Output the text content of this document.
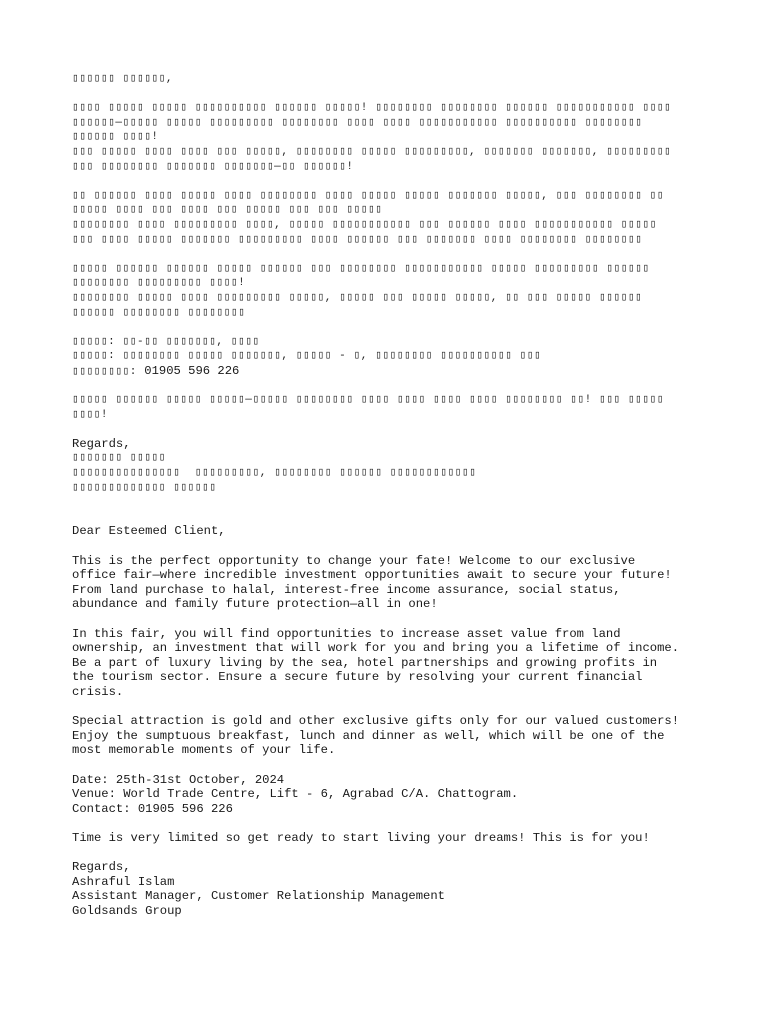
▯▯▯▯▯▯ ▯▯▯▯▯▯,
▯▯▯▯ ▯▯▯▯▯ ▯▯▯▯▯ ▯▯▯▯▯▯▯▯▯▯ ▯▯▯▯▯▯ ▯▯▯▯▯! ▯▯▯▯▯▯▯▯ ▯▯▯▯▯▯▯▯ ▯▯▯▯▯▯ ▯▯▯▯▯▯▯▯▯▯▯ ▯▯▯▯
▯▯▯▯▯▯—▯▯▯▯▯ ▯▯▯▯▯ ▯▯▯▯▯▯▯▯▯ ▯▯▯▯▯▯▯▯ ▯▯▯▯ ▯▯▯▯ ▯▯▯▯▯▯▯▯▯▯▯ ▯▯▯▯▯▯▯▯▯▯ ▯▯▯▯▯▯▯▯
▯▯▯▯▯▯ ▯▯▯▯!
▯▯▯ ▯▯▯▯▯ ▯▯▯▯ ▯▯▯▯ ▯▯▯ ▯▯▯▯▯, ▯▯▯▯▯▯▯▯ ▯▯▯▯▯ ▯▯▯▯▯▯▯▯▯, ▯▯▯▯▯▯▯ ▯▯▯▯▯▯▯, ▯▯▯▯▯▯▯▯▯
▯▯▯ ▯▯▯▯▯▯▯▯ ▯▯▯▯▯▯▯ ▯▯▯▯▯▯▯—▯▯ ▯▯▯▯▯▯!
▯▯ ▯▯▯▯▯▯ ▯▯▯▯ ▯▯▯▯▯ ▯▯▯▯ ▯▯▯▯▯▯▯▯ ▯▯▯▯ ▯▯▯▯▯ ▯▯▯▯▯ ▯▯▯▯▯▯▯ ▯▯▯▯▯, ▯▯▯ ▯▯▯▯▯▯▯▯ ▯▯
▯▯▯▯▯ ▯▯▯▯ ▯▯▯ ▯▯▯▯ ▯▯▯ ▯▯▯▯▯ ▯▯▯ ▯▯▯ ▯▯▯▯▯
▯▯▯▯▯▯▯▯ ▯▯▯▯ ▯▯▯▯▯▯▯▯▯ ▯▯▯▯, ▯▯▯▯▯ ▯▯▯▯▯▯▯▯▯▯▯ ▯▯▯ ▯▯▯▯▯▯ ▯▯▯▯ ▯▯▯▯▯▯▯▯▯▯▯ ▯▯▯▯▯
▯▯▯ ▯▯▯▯ ▯▯▯▯▯ ▯▯▯▯▯▯▯ ▯▯▯▯▯▯▯▯▯ ▯▯▯▯ ▯▯▯▯▯▯ ▯▯▯ ▯▯▯▯▯▯▯ ▯▯▯▯ ▯▯▯▯▯▯▯▯ ▯▯▯▯▯▯▯▯
▯▯▯▯▯ ▯▯▯▯▯▯ ▯▯▯▯▯▯ ▯▯▯▯▯ ▯▯▯▯▯▯ ▯▯▯ ▯▯▯▯▯▯▯▯ ▯▯▯▯▯▯▯▯▯▯▯ ▯▯▯▯▯ ▯▯▯▯▯▯▯▯▯ ▯▯▯▯▯▯
▯▯▯▯▯▯▯▯ ▯▯▯▯▯▯▯▯▯ ▯▯▯▯!
▯▯▯▯▯▯▯▯ ▯▯▯▯▯ ▯▯▯▯ ▯▯▯▯▯▯▯▯▯ ▯▯▯▯▯, ▯▯▯▯▯ ▯▯▯ ▯▯▯▯▯ ▯▯▯▯▯, ▯▯ ▯▯▯ ▯▯▯▯▯ ▯▯▯▯▯▯
▯▯▯▯▯▯ ▯▯▯▯▯▯▯▯ ▯▯▯▯▯▯▯▯
▯▯▯▯▯: ▯▯-▯▯ ▯▯▯▯▯▯▯, ▯▯▯▯
▯▯▯▯▯: ▯▯▯▯▯▯▯▯ ▯▯▯▯▯ ▯▯▯▯▯▯▯, ▯▯▯▯▯ - ▯, ▯▯▯▯▯▯▯▯ ▯▯▯▯▯▯▯▯▯▯ ▯▯▯
▯▯▯▯▯▯▯▯: 01905 596 226
▯▯▯▯▯ ▯▯▯▯▯▯ ▯▯▯▯▯ ▯▯▯▯▯—▯▯▯▯▯ ▯▯▯▯▯▯▯▯ ▯▯▯▯ ▯▯▯▯ ▯▯▯▯ ▯▯▯▯ ▯▯▯▯▯▯▯▯ ▯▯! ▯▯▯ ▯▯▯▯▯
▯▯▯▯!
Regards,
▯▯▯▯▯▯▯ ▯▯▯▯▯
▯▯▯▯▯▯▯▯▯▯▯▯▯▯▯  ▯▯▯▯▯▯▯▯▯, ▯▯▯▯▯▯▯▯ ▯▯▯▯▯▯ ▯▯▯▯▯▯▯▯▯▯▯▯
▯▯▯▯▯▯▯▯▯▯▯▯▯ ▯▯▯▯▯▯
Dear Esteemed Client,
This is the perfect opportunity to change your fate! Welcome to our exclusive
office fair—where incredible investment opportunities await to secure your future!
From land purchase to halal, interest-free income assurance, social status,
abundance and family future protection—all in one!
In this fair, you will find opportunities to increase asset value from land
ownership, an investment that will work for you and bring you a lifetime of income.
Be a part of luxury living by the sea, hotel partnerships and growing profits in
the tourism sector. Ensure a secure future by resolving your current financial
crisis.
Special attraction is gold and other exclusive gifts only for our valued customers!
Enjoy the sumptuous breakfast, lunch and dinner as well, which will be one of the
most memorable moments of your life.
Date: 25th-31st October, 2024
Venue: World Trade Centre, Lift - 6, Agrabad C/A. Chattogram.
Contact: 01905 596 226
Time is very limited so get ready to start living your dreams! This is for you!
Regards,
Ashraful Islam
Assistant Manager, Customer Relationship Management
Goldsands Group
